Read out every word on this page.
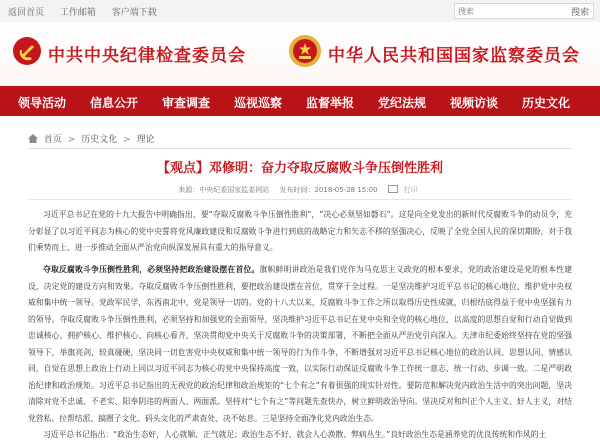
返回首页 工作邮箱 客户端下载
搜索	搜索
中共中央纪律检查委员会	中华人民共和国国家监察委员会
领导活动 信息公开 审查调查 巡视巡察 监督举报 党纪法规 视频访谈 历史文化
首页 > 历史文化 > 理论
【观点】邓修明：奋力夺取反腐败斗争压倒性胜利
来源：中央纪委国家监委网站 发布时间：2018-05-28 15:00	打印
习近平总书记在党的十九大报告中明确指出，要“夺取反腐败斗争压倒性胜利”，“决心必须坚如磐石”。这是向全党发出的新时代反腐败斗争的动员令，充分彰显了以习近平同志为核心的党中央誓将党风廉政建设和反腐败斗争进行到底的战略定力和矢志不移的坚强决心，反映了全党全国人民的深切期盼，对于我们乘势而上、进一步推动全面从严治党向纵深发展具有重大的指导意义。
夺取反腐败斗争压倒性胜利，必须坚持把政治建设摆在首位。旗帜鲜明讲政治是我们党作为马克思主义政党的根本要求，党的政治建设是党的根本性建设，决定党的建设方向和效果。夺取反腐败斗争压倒性胜利，要把政治建设摆在首位，贯穿于全过程。一是坚决维护习近平总书记的核心地位、维护党中央权威和集中统一领导。党政军民学，东西南北中，党是领导一切的。党的十八大以来，反腐败斗争工作之所以取得历史性成就，归根结底得益于党中央坚强有力的领导。夺取反腐败斗争压倒性胜利，必须坚持和加强党的全面领导，坚决维护习近平总书记在党中央和全党的核心地位，以高度的思想自觉和行动自觉做到忠诚核心、拥护核心、维护核心、向核心看齐，坚决贯彻党中央关于反腐败斗争的决策部署，不断把全面从严治党引向深入。天津市纪委始终坚持在党的坚强领导下，举旗亮剑，较真碰硬，坚决同一切危害党中央权威和集中统一领导的行为作斗争，不断增强对习近平总书记核心地位的政治认同、思想认同、情感认同，自觉在思想上政治上行动上同以习近平同志为核心的党中央保持高度一致，以实际行动保证反腐败斗争工作统一意志、统一行动、步调一致。二是严明政治纪律和政治规矩。习近平总书记指出的无视党的政治纪律和政治规矩的“七个有之”有着很强的现实针对性。要防范和解决党内政治生活中的突出问题，坚决清除对党不忠诚、不老实、阳奉阴违的两面人、两面派。坚持对“七个有之”等问题先查快办，树立鲜明政治导向。坚决反对和纠正个人主义、好人主义，对结党营私、拉帮结派、搞圈子文化、码头文化的严肃查处、决不姑息。三是坚持全面净化党内政治生态。
习近平总书记指出：“政治生态好，人心就顺、正气就足；政治生态不好，就会人心涣散、弊病丛生。”良好政治生态是涵养党的优良传统和作风的土
